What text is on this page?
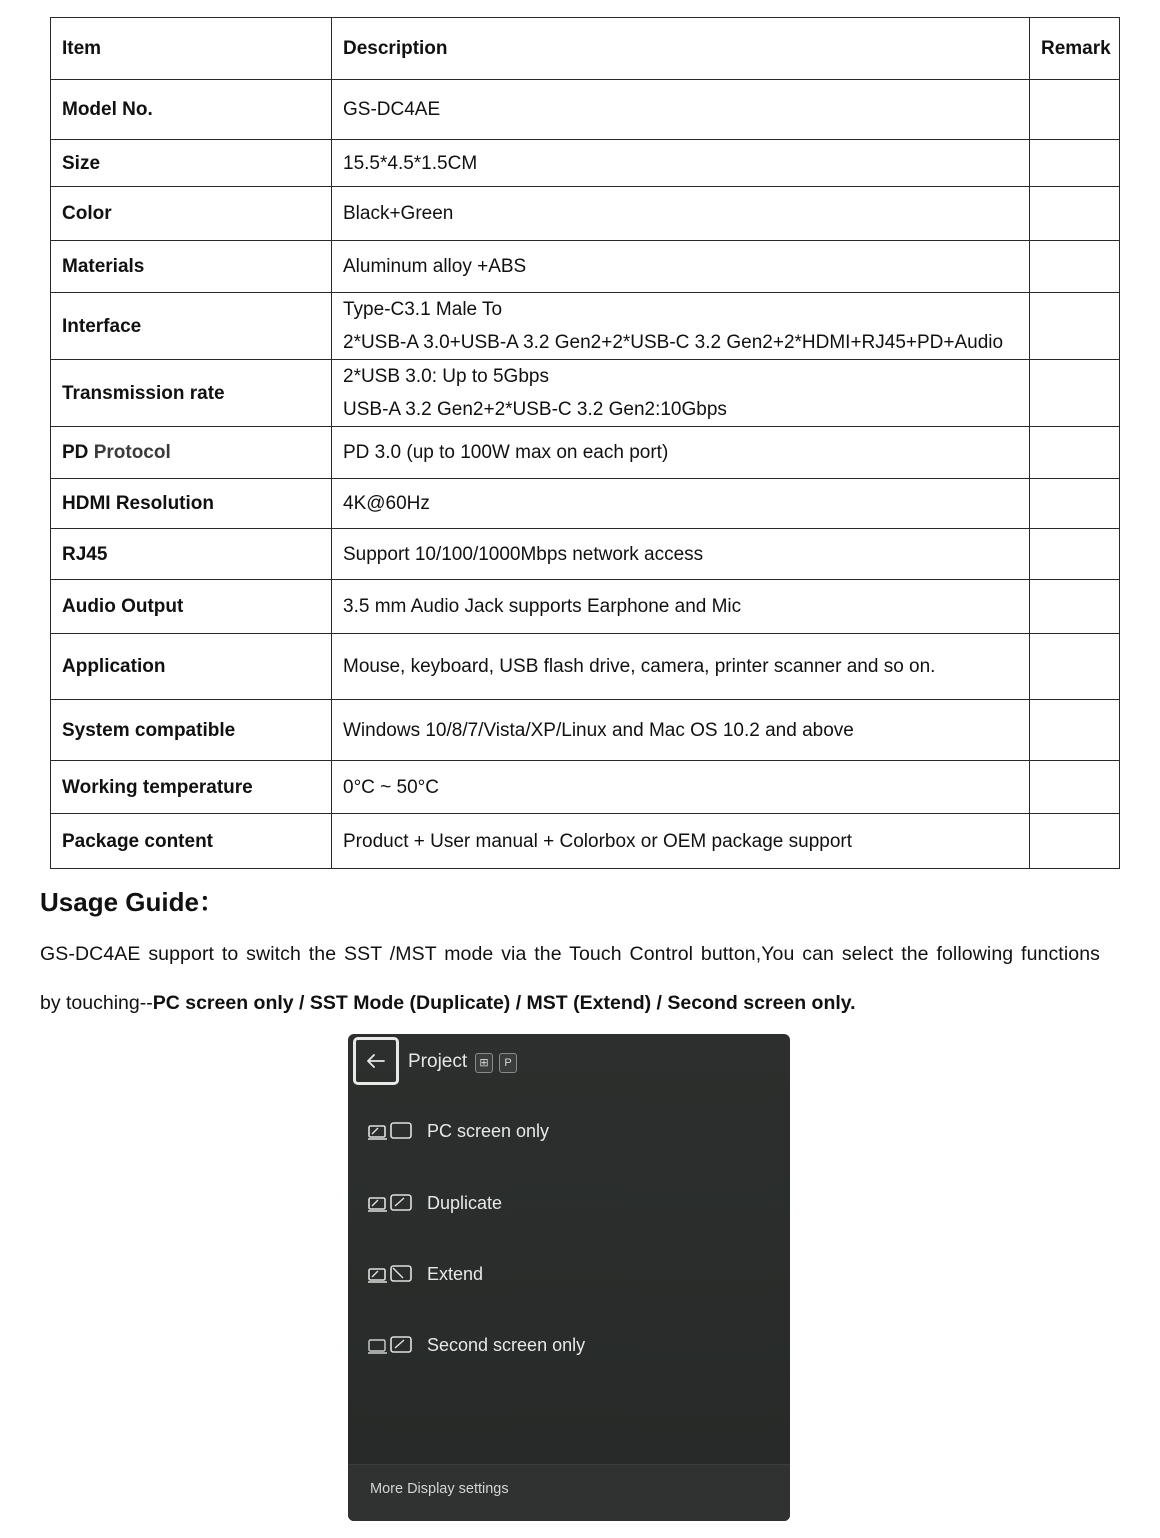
Item	Description	Remark
Model No.	GS-DC4AE	
Size	15.5*4.5*1.5CM	
Color	Black+Green	
Materials	Aluminum alloy +ABS	
Interface	Type-C3.1 Male To
2*USB-A 3.0+USB-A 3.2 Gen2+2*USB-C 3.2 Gen2+2*HDMI+RJ45+PD+Audio	

Transmission rate	2*USB 3.0: Up to 5Gbps
USB-A 3.2 Gen2+2*USB-C 3.2 Gen2:10Gbps	

PD Protocol	PD 3.0 (up to 100W max on each port)	
HDMI Resolution	4K@60Hz	
RJ45	Support 10/100/1000Mbps network access	
Audio Output	3.5 mm Audio Jack supports Earphone and Mic	
Application	Mouse, keyboard, USB flash drive, camera, printer scanner and so on.	
System compatible	Windows 10/8/7/Vista/XP/Linux and Mac OS 10.2 and above	
Working temperature	0°C ~ 50°C	
Package content	Product + User manual + Colorbox or OEM package support	
Usage Guide：

GS-DC4AE support to switch the SST /MST mode via the Touch Control button,You can select the following functions

by touching--PC screen only / SST Mode (Duplicate) / MST (Extend) / Second screen only.

Project	⊞	P
PC screen only
Duplicate
Extend
Second screen only
More Display settings
